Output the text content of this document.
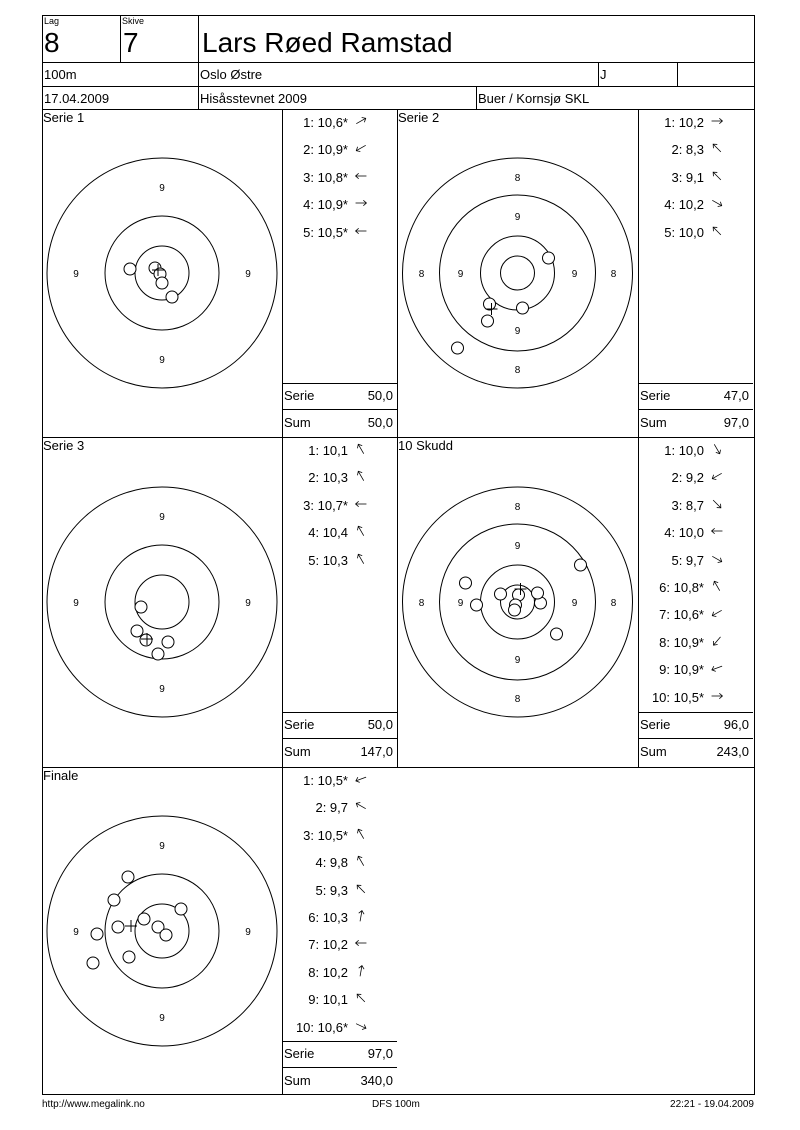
Lag
8
Skive
7 Lars Røed Ramstad
100m	Oslo Østre	J
17.04.2009	Hisåsstevnet 2009	Buer / Kornsjø SKL
Serie 1
9
9	9
9
1: 10,6*
2: 10,9*
3: 10,8*
4: 10,9*
5: 10,5*
Serie	50,0
Sum	50,0
Serie 2
8
9
8	9	9	8
9
8
1: 10,2
2: 8,3
3: 9,1
4: 10,2
5: 10,0
Serie	47,0
Sum	97,0
Serie 3
9
9	9
9
1: 10,1
2: 10,3
3: 10,7*
4: 10,4
5: 10,3
Serie	50,0
Sum	147,0
10 Skudd
8
9
8	9	9	8
9
8
1: 10,0
2: 9,2
3: 8,7
4: 10,0
5: 9,7
6: 10,8*
7: 10,6*
8: 10,9*
9: 10,9*
10: 10,5*
Serie	96,0
Sum	243,0
Finale
9
9	9
9
1: 10,5*
2: 9,7
3: 10,5*
4: 9,8
5: 9,3
6: 10,3
7: 10,2
8: 10,2
9: 10,1
10: 10,6*
Serie	97,0
Sum	340,0
http://www.megalink.no	DFS 100m	22:21 - 19.04.2009
